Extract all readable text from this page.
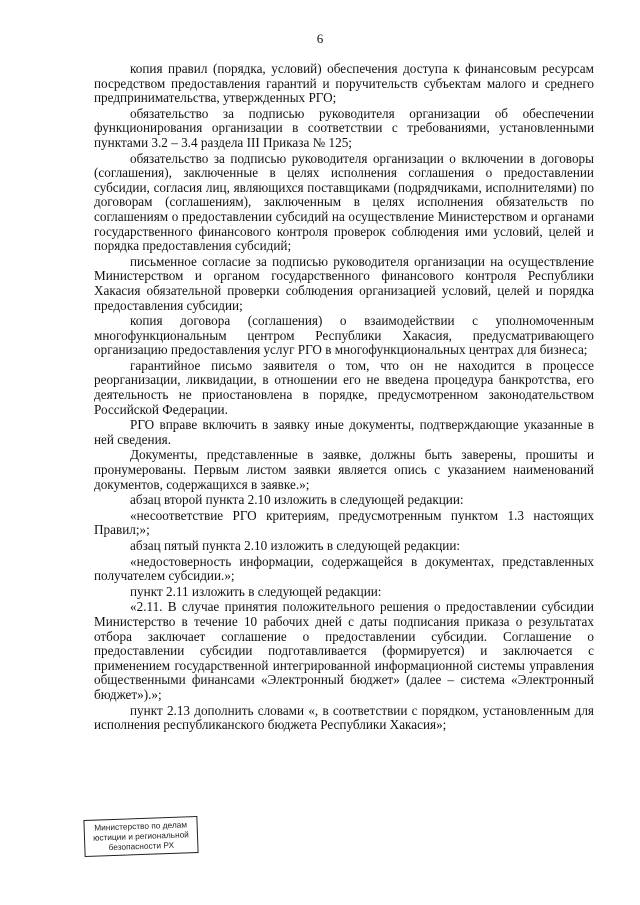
6

копия правил (порядка, условий) обеспечения доступа к финансовым ресурсам посредством предоставления гарантий и поручительств субъектам малого и среднего предпринимательства, утвержденных РГО;

обязательство за подписью руководителя организации об обеспечении функционирования организации в соответствии с требованиями, установленными пунктами 3.2 – 3.4 раздела III Приказа № 125;

обязательство за подписью руководителя организации о включении в договоры (соглашения), заключенные в целях исполнения соглашения о предоставлении субсидии, согласия лиц, являющихся поставщиками (подрядчиками, исполнителями) по договорам (соглашениям), заключенным в целях исполнения обязательств по соглашениям о предоставлении субсидий на осуществление Министерством и органами государственного финансового контроля проверок соблюдения ими условий, целей и порядка предоставления субсидий;

письменное согласие за подписью руководителя организации на осуществление Министерством и органом государственного финансового контроля Республики Хакасия обязательной проверки соблюдения организацией условий, целей и порядка предоставления субсидии;

копия договора (соглашения) о взаимодействии с уполномоченным многофункциональным центром Республики Хакасия, предусматривающего организацию предоставления услуг РГО в многофункциональных центрах для бизнеса;

гарантийное письмо заявителя о том, что он не находится в процессе реорганизации, ликвидации, в отношении его не введена процедура банкротства, его деятельность не приостановлена в порядке, предусмотренном законодательством Российской Федерации.

РГО вправе включить в заявку иные документы, подтверждающие указанные в ней сведения.

Документы, представленные в заявке, должны быть заверены, прошиты и пронумерованы. Первым листом заявки является опись с указанием наименований документов, содержащихся в заявке.»;

абзац второй пункта 2.10 изложить в следующей редакции:

«несоответствие РГО критериям, предусмотренным пунктом 1.3 настоящих Правил;»;

абзац пятый пункта 2.10 изложить в следующей редакции:

«недостоверность информации, содержащейся в документах, представленных получателем субсидии.»;

пункт 2.11 изложить в следующей редакции:

«2.11. В случае принятия положительного решения о предоставлении субсидии Министерство в течение 10 рабочих дней с даты подписания приказа о результатах отбора заключает соглашение о предоставлении субсидии. Соглашение о предоставлении субсидии подготавливается (формируется) и заключается с применением государственной интегрированной информационной системы управления общественными финансами «Электронный бюджет» (далее – система «Электронный бюджет»).»;

пункт 2.13 дополнить словами «, в соответствии с порядком, установленным для исполнения республиканского бюджета Республики Хакасия»;

Министерство по делам
юстиции и региональной
безопасности РХ
